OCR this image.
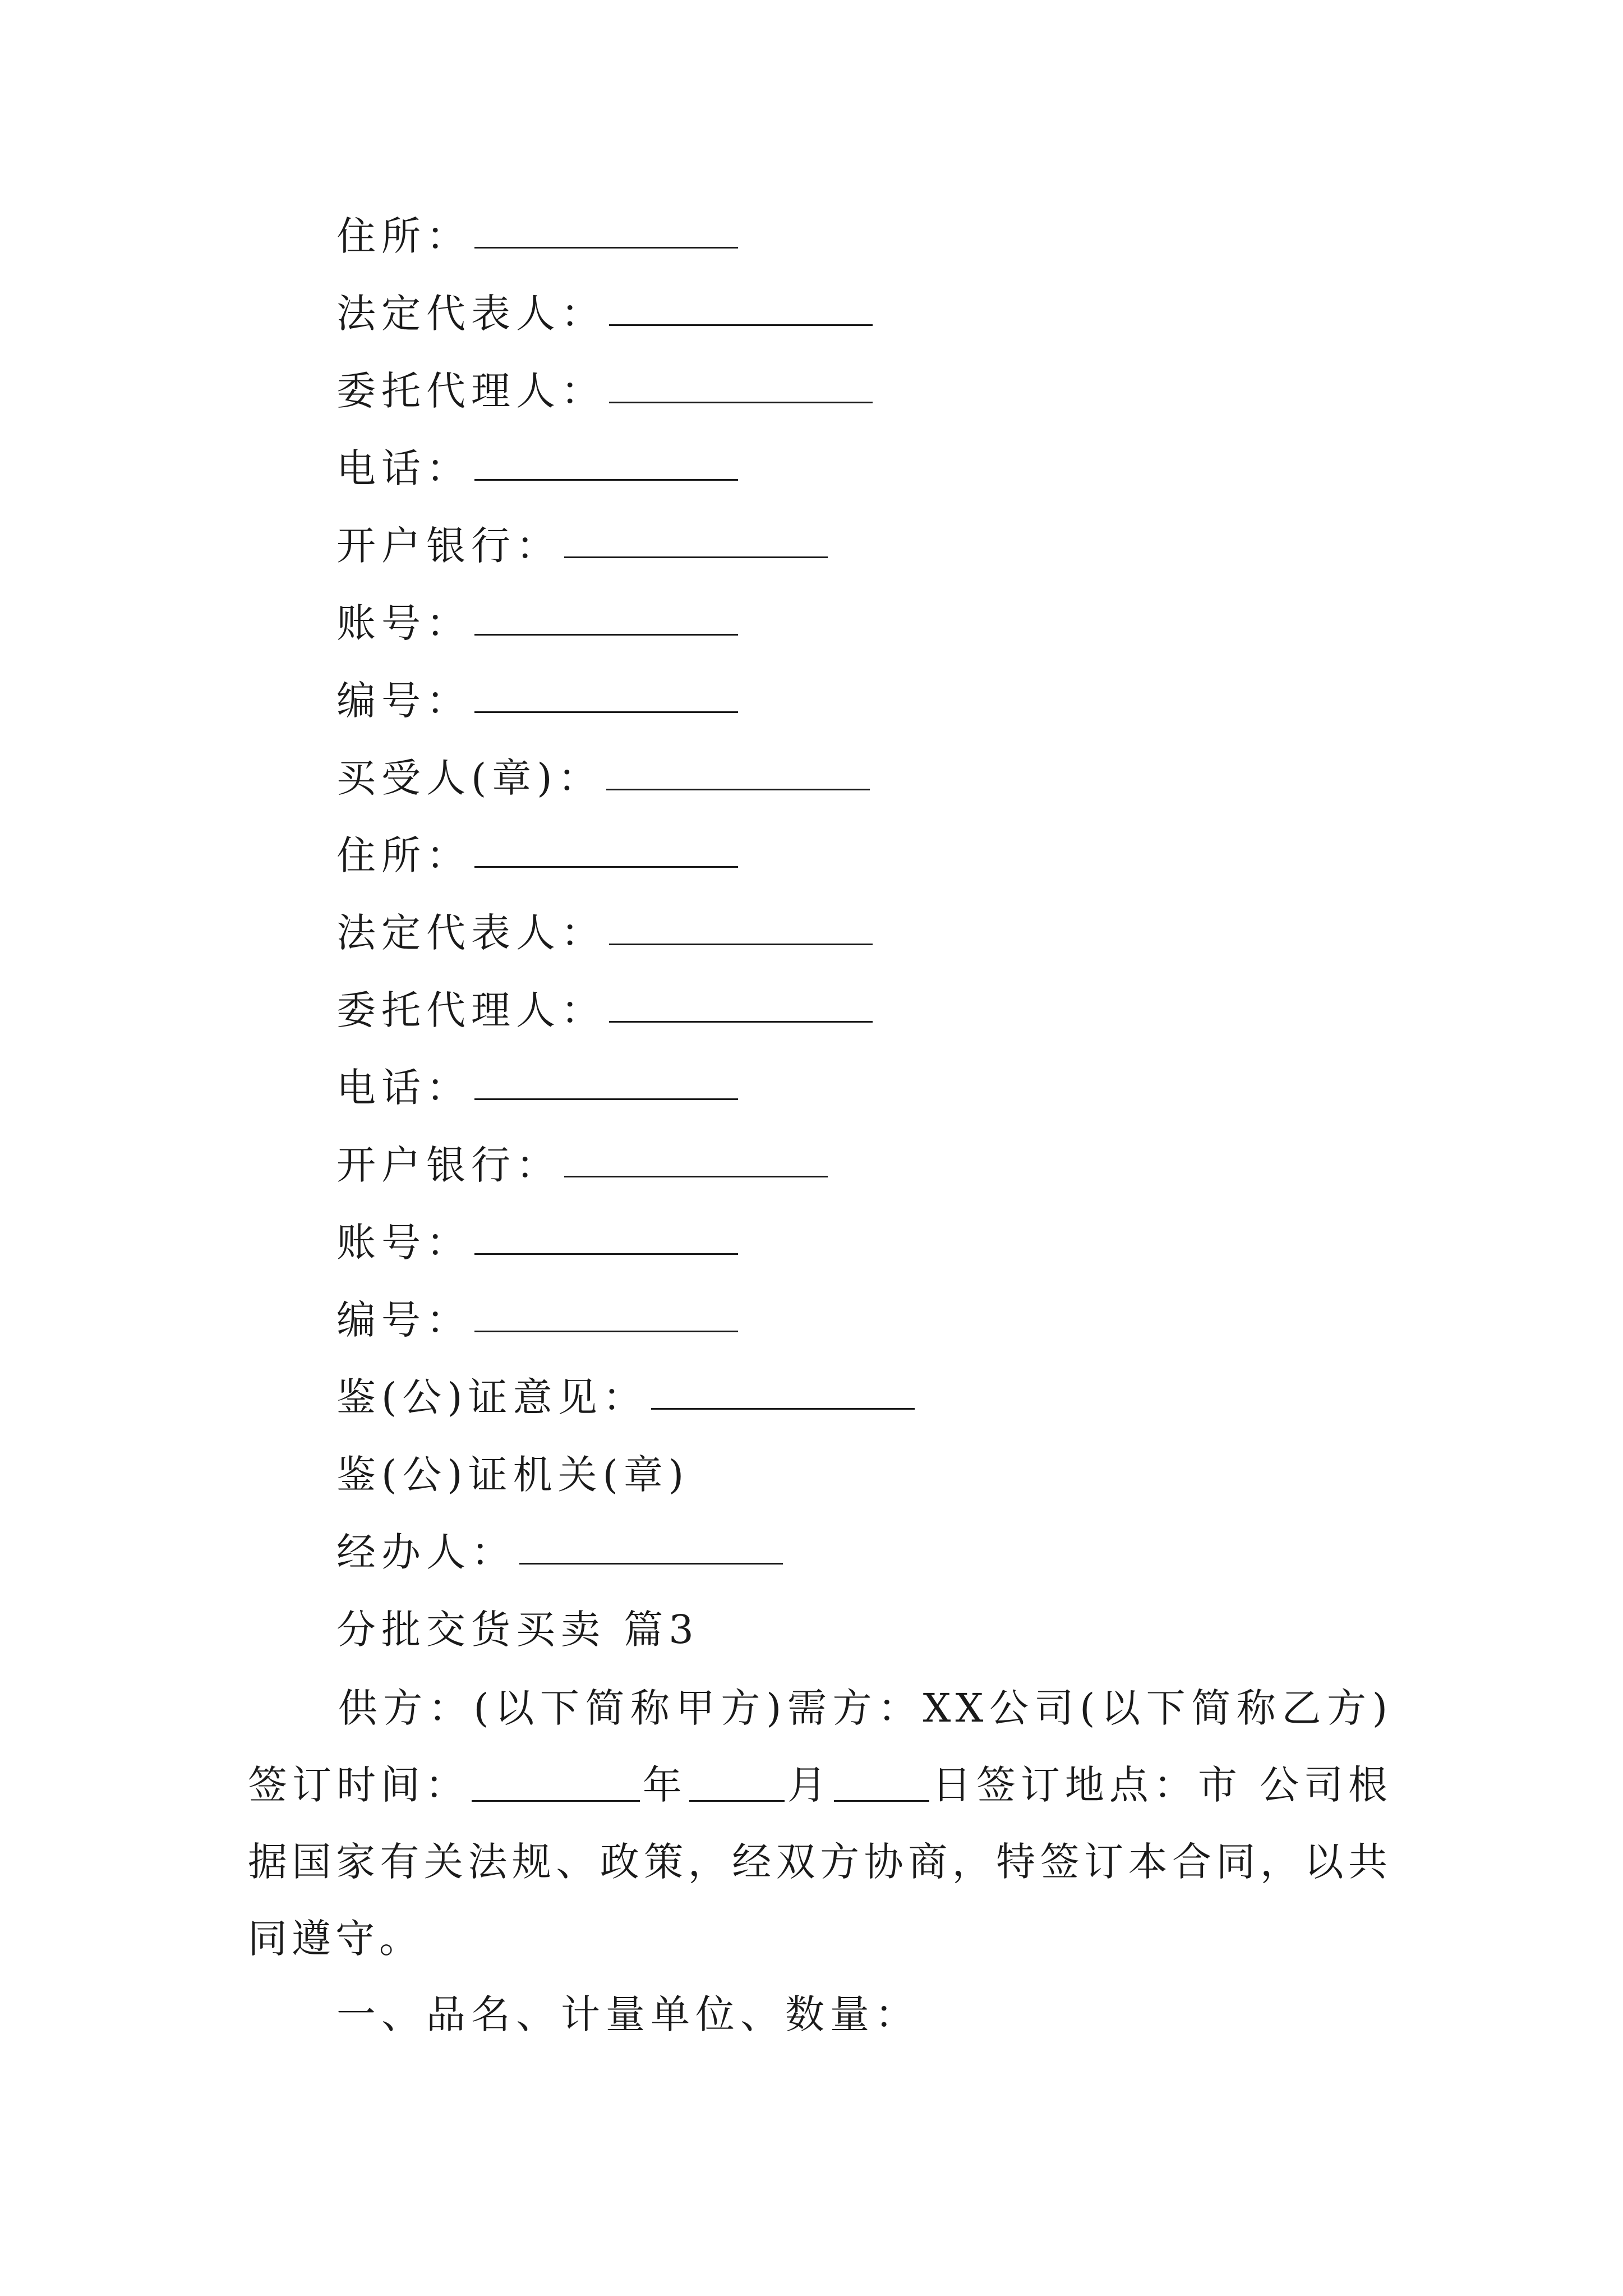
住所：
法定代表人：
委托代理人：
电话：
开户银行：
账号：
编号：
买受人(章)：
住所：
法定代表人：
委托代理人：
电话：
开户银行：
账号：
编号：
鉴(公)证意见：
鉴(公)证机关(章)
经办人：
分批交货买卖 篇3
供方：(以下简称甲方)需方：XX公司(以下简称乙方)签订时间：	年	月	日签订地点：市 公司根据国家有关法规、政策，经双方协商，特签订本合同，以共同遵守。
一、品名、计量单位、数量：
